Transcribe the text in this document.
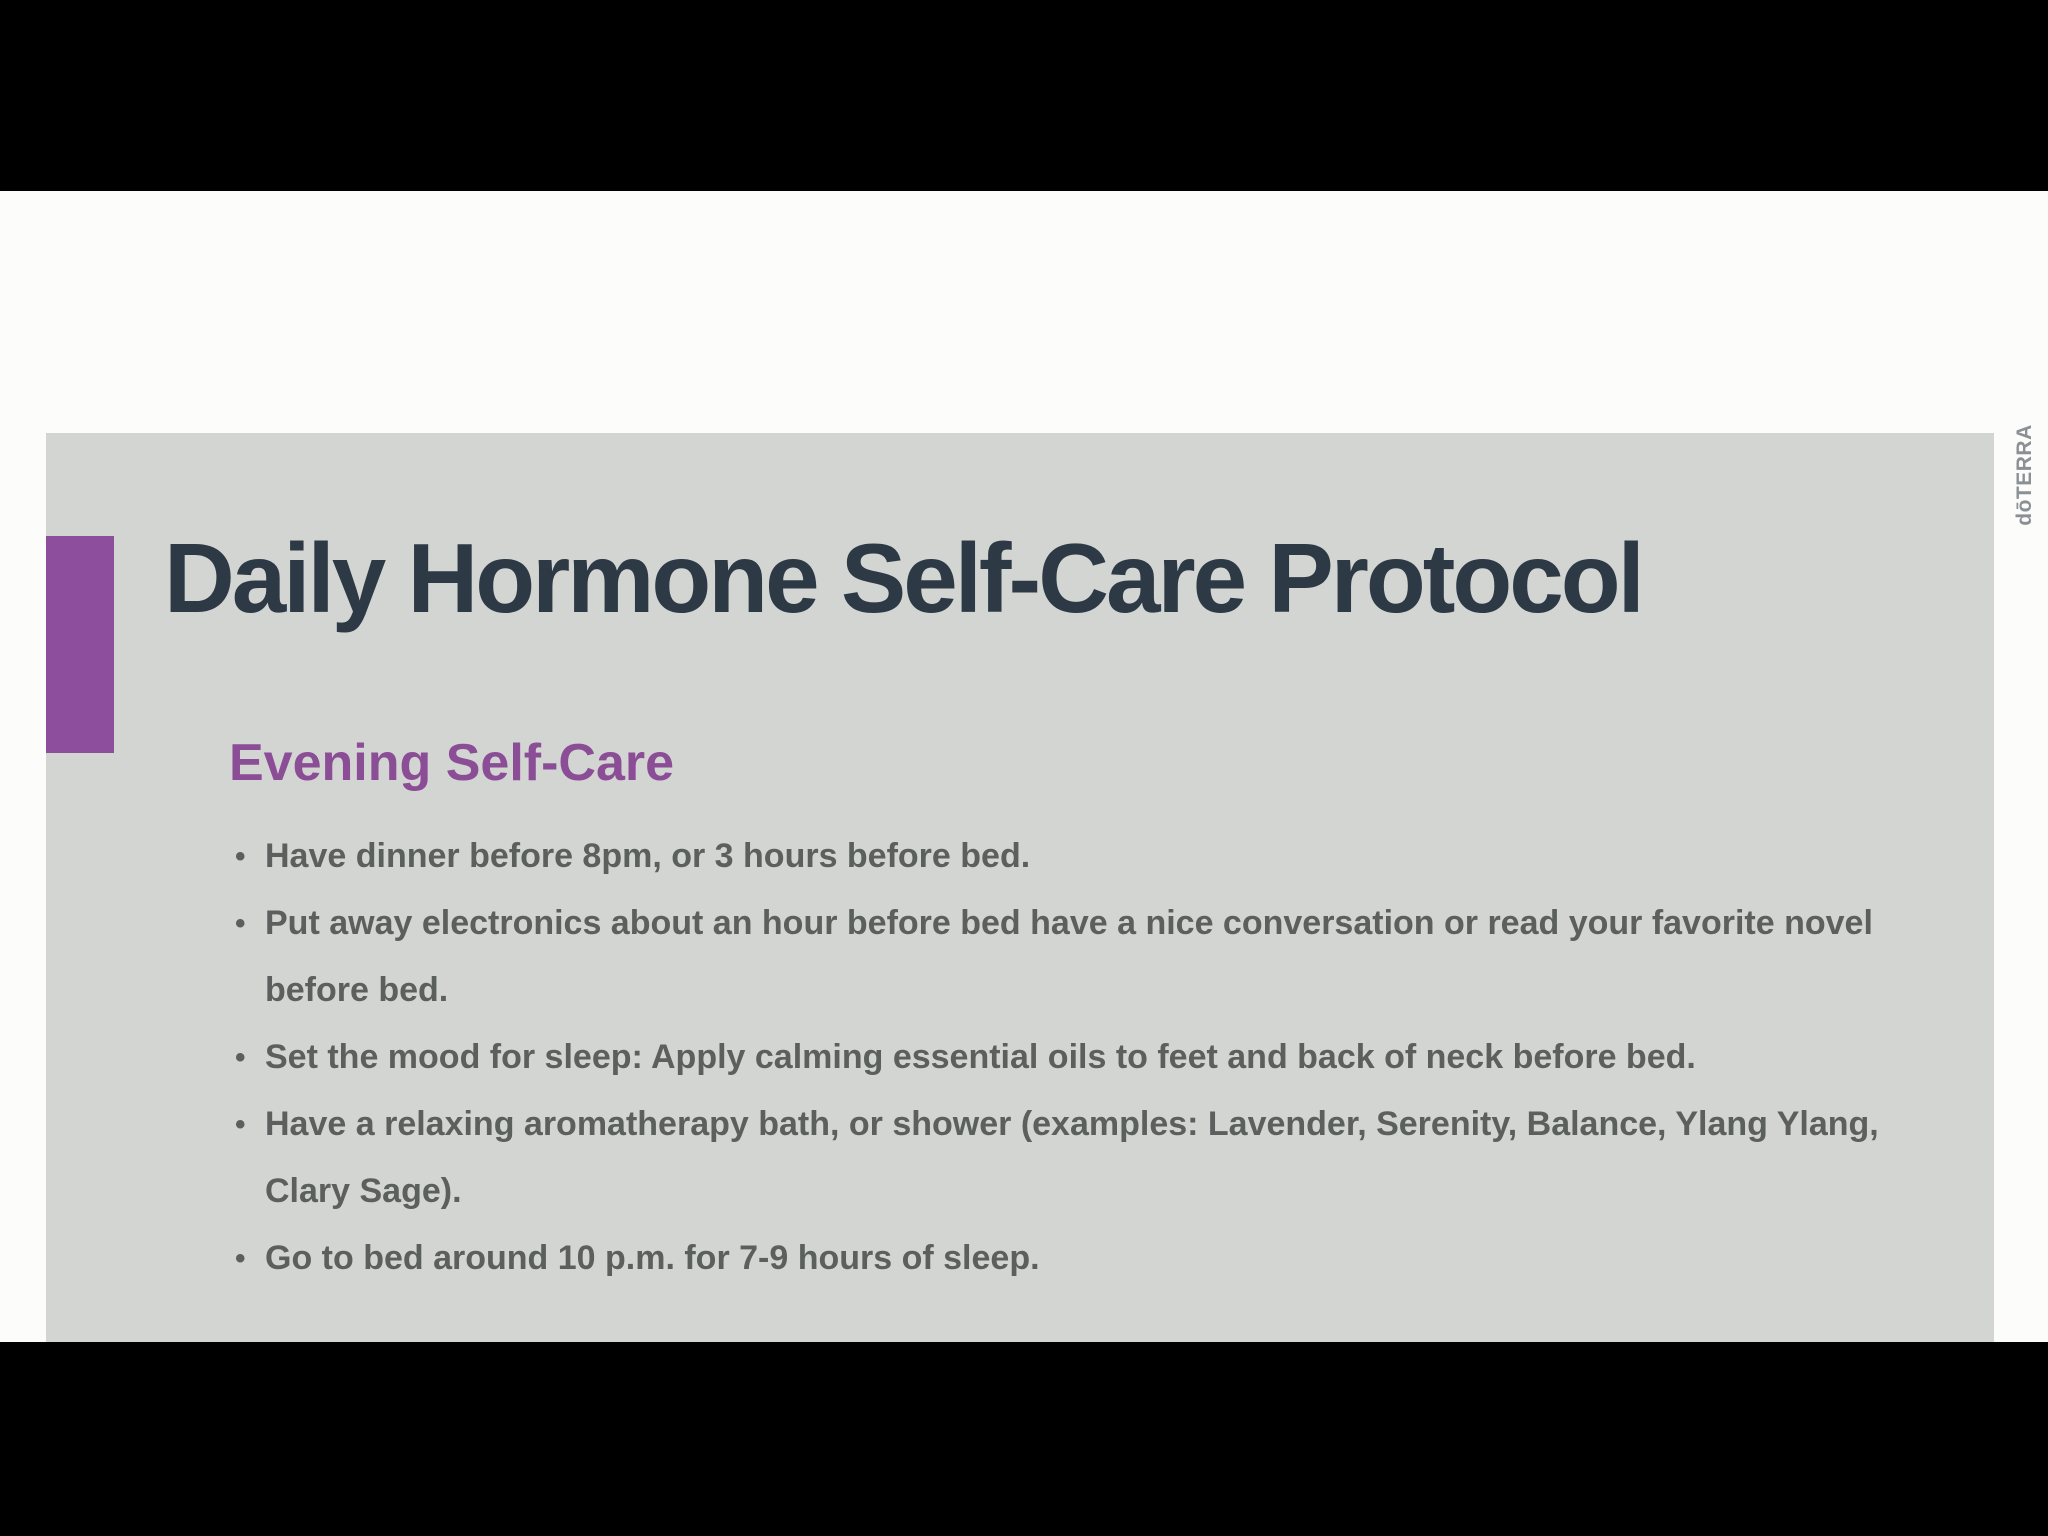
Daily Hormone Self-Care Protocol
Evening Self-Care
• Have dinner before 8pm, or 3 hours before bed.
• Put away electronics about an hour before bed have a nice conversation or read your favorite novel before bed.
• Set the mood for sleep: Apply calming essential oils to feet and back of neck before bed.
• Have a relaxing aromatherapy bath, or shower (examples: Lavender, Serenity, Balance, Ylang Ylang, Clary Sage).
• Go to bed around 10 p.m. for 7-9 hours of sleep.
dōTERRA
